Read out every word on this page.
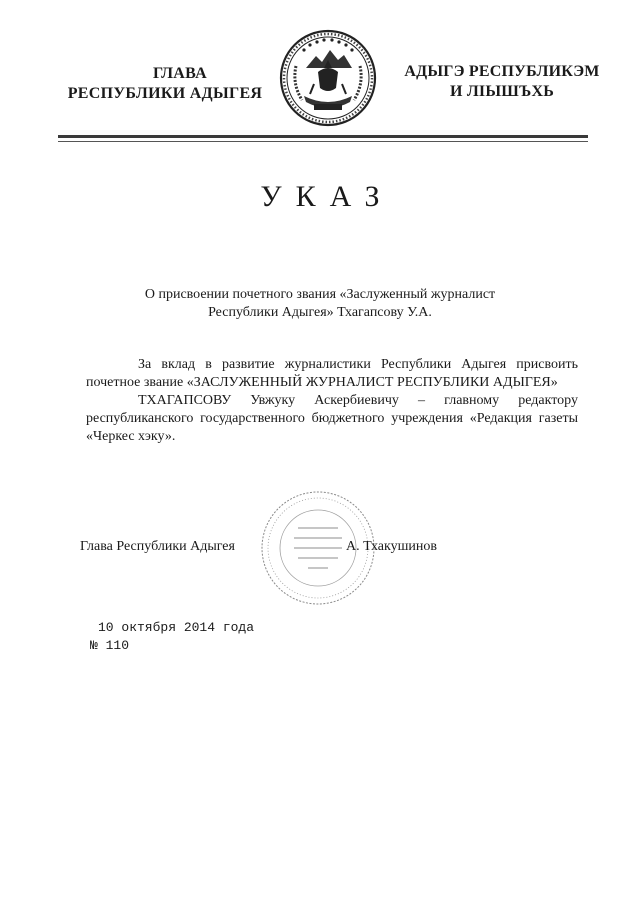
ГЛАВА
РЕСПУБЛИКИ АДЫГЕЯ
АДЫГЭ РЕСПУБЛИКЭМ
И ЛІЫШЪХЬ
УКАЗ
О присвоении почетного звания «Заслуженный журналист
Республики Адыгея» Тхагапсову У.А.

За вклад в развитие журналистики Республики Адыгея присвоить почетное звание «ЗАСЛУЖЕННЫЙ ЖУРНАЛИСТ РЕСПУБЛИКИ АДЫГЕЯ»

ТХАГАПСОВУ Увжуку Аскербиевичу – главному редактору республиканского государственного бюджетного учреждения «Редакция газеты «Черкес хэку».

Глава Республики Адыгея	А. Тхакушинов
10 октября 2014 года
№ 110
